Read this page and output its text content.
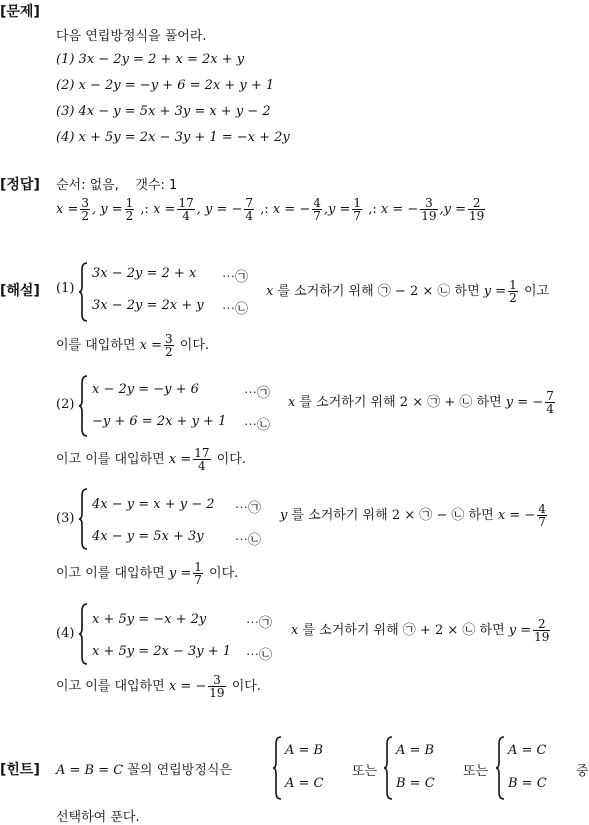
[문제]
다음 연립방정식을 풀어라.
(1) 3x − 2y = 2 + x = 2x + y
(2) x − 2y = −y + 6 = 2x + y + 1
(3) 4x − y = 5x + 3y = x + y − 2
(4) x + 5y = 2x − 3y + 1 = −x + 2y
[정답] 순서: 없음,    갯수: 1
$x = \frac{3}{2}$ , $y = \frac{1}{2}$ ,: $x = \frac{17}{4}$ , y = − $\frac{7}{4}$ ,: x = − $\frac{4}{7} ,y = \frac{1}{7}$ ,: x = − $\frac{3}{19} ,y = \frac{2}{19}$
[해설] (1)
3x − 2y = 2 + x ⋯㉠
3x − 2y = 2x + y ⋯㉡
x 를 소거하기 위해 ㉠ − 2 × ㉡ 하면 $y = \frac{1}{2}$ 이고
이를 대입하면 $x = \frac{3}{2}$ 이다.
(2)
x − 2y = −y + 6	⋯㉠
−y + 6 = 2x + y + 1 ⋯㉡
x 를 소거하기 위해 2 × ㉠ + ㉡ 하면 y = − $\frac{7}{4}$
이고 이를 대입하면 $x = \frac{17}{4}$ 이다.
(3)
4x − y = x + y − 2 ⋯㉠
4x − y = 5x + 3y ⋯㉡
y 를 소거하기 위해 2 × ㉠ − ㉡ 하면 x = − $\frac{4}{7}$
이고 이를 대입하면 $y = \frac{1}{7}$ 이다.
(4)
x + 5y = −x + 2y	⋯㉠
x + 5y = 2x − 3y + 1 ⋯㉡
x 를 소거하기 위해 ㉠ + 2 × ㉡ 하면 $y = \frac{2}{19}$
이고 이를 대입하면 x = − $\frac{3}{19}$ 이다.
[힌트] A = B = C 꼴의 연립방정식은
A = B
A = C
또는
A = B
B = C
또는
A = C
B = C
중
선택하여 푼다.
